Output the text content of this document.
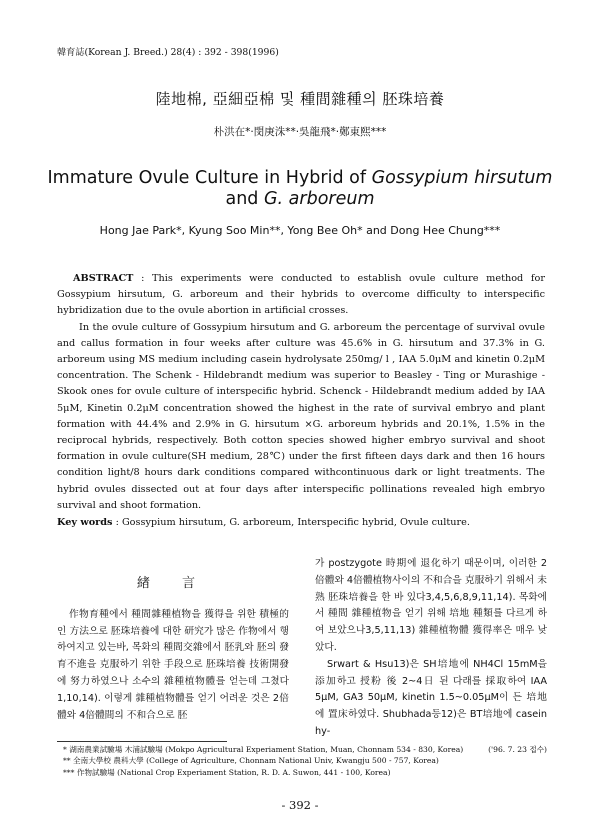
韓育誌(Korean J. Breed.) 28(4) : 392 - 398(1996)
陸地棉, 亞細亞棉 및 種間雜種의 胚珠培養
朴洪在*·閔庚洙**·吳龍飛*·鄭東熙***
Immature Ovule Culture in Hybrid of Gossypium hirsutum
and G. arboreum
Hong Jae Park*, Kyung Soo Min**, Yong Bee Oh* and Dong Hee Chung***

ABSTRACT : This experiments were conducted to establish ovule culture method for Gossypium hirsutum, G. arboreum and their hybrids to overcome difficulty to interspecific hybridization due to the ovule abortion in artificial crosses.

In the ovule culture of Gossypium hirsutum and G. arboreum the percentage of survival ovule and callus formation in four weeks after culture was 45.6% in G. hirsutum and 37.3% in G. arboreum using MS medium including casein hydrolysate 250mg/ l , IAA 5.0μM and kinetin 0.2μM concentration. The Schenk - Hildebrandt medium was superior to Beasley - Ting or Murashige - Skook ones for ovule culture of interspecific hybrid. Schenck - Hildebrandt medium added by IAA 5μM, Kinetin 0.2μM concentration showed the highest in the rate of survival embryo and plant formation with 44.4% and 2.9% in G. hirsutum ×G. arboreum hybrids and 20.1%, 1.5% in the reciprocal hybrids, respectively. Both cotton species showed higher embryo survival and shoot formation in ovule culture(SH medium, 28℃) under the first fifteen days dark and then 16 hours condition light/8 hours dark conditions compared withcontinuous dark or light treatments. The hybrid ovules dissected out at four days after interspecific pollinations revealed high embryo survival and shoot formation.

Key words : Gossypium hirsutum, G. arboreum, Interspecific hybrid, Ovule culture.
緖 言

作物育種에서 種間雜種植物을 獲得을 위한 積極的인 方法으로 胚珠培養에 대한 研究가 많은 作物에서 행하여지고 있는바, 목화의 種間交雜에서 胚乳와 胚의 發育不進을 克服하기 위한 手段으로 胚珠培養 技術開發에 努力하였으나 소수의 雜種植物體를 얻는데 그쳤다1,10,14). 이렇게 雜種植物體를 얻기 어려운 것은 2倍體와 4倍體間의 不和合으로 胚

가 postzygote 時期에 退化하기 때문이며, 이러한 2倍體와 4倍體植物사이의 不和合을 克服하기 위해서 未熟 胚珠培養을 한 바 있다3,4,5,6,8,9,11,14). 목화에서 種間 雜種植物을 얻기 위해 培地 種類를 다르게 하여 보았으나3,5,11,13) 雜種植物體 獲得率은 매우 낮았다.

Srwart & Hsu13)은 SH培地에 NH4Cl 15mM을 添加하고 授粉 後 2~4日 된 다래를 採取하여 IAA 5μM, GA3 50μM, kinetin 1.5~0.05μM이 든 培地에 置床하였다. Shubhada등12)은 BT培地에 casein hy-

* 湖南農業試驗場 木浦試驗場 (Mokpo Agricultural Experiament Station, Muan, Chonnam 534 - 830, Korea)	('96. 7. 23 접수)
** 全南大學校 農科大學 (College of Agriculture, Chonnam National Univ, Kwangju 500 - 757, Korea)
*** 作物試驗場 (National Crop Experiament Station, R. D. A. Suwon, 441 - 100, Korea)
- 392 -
